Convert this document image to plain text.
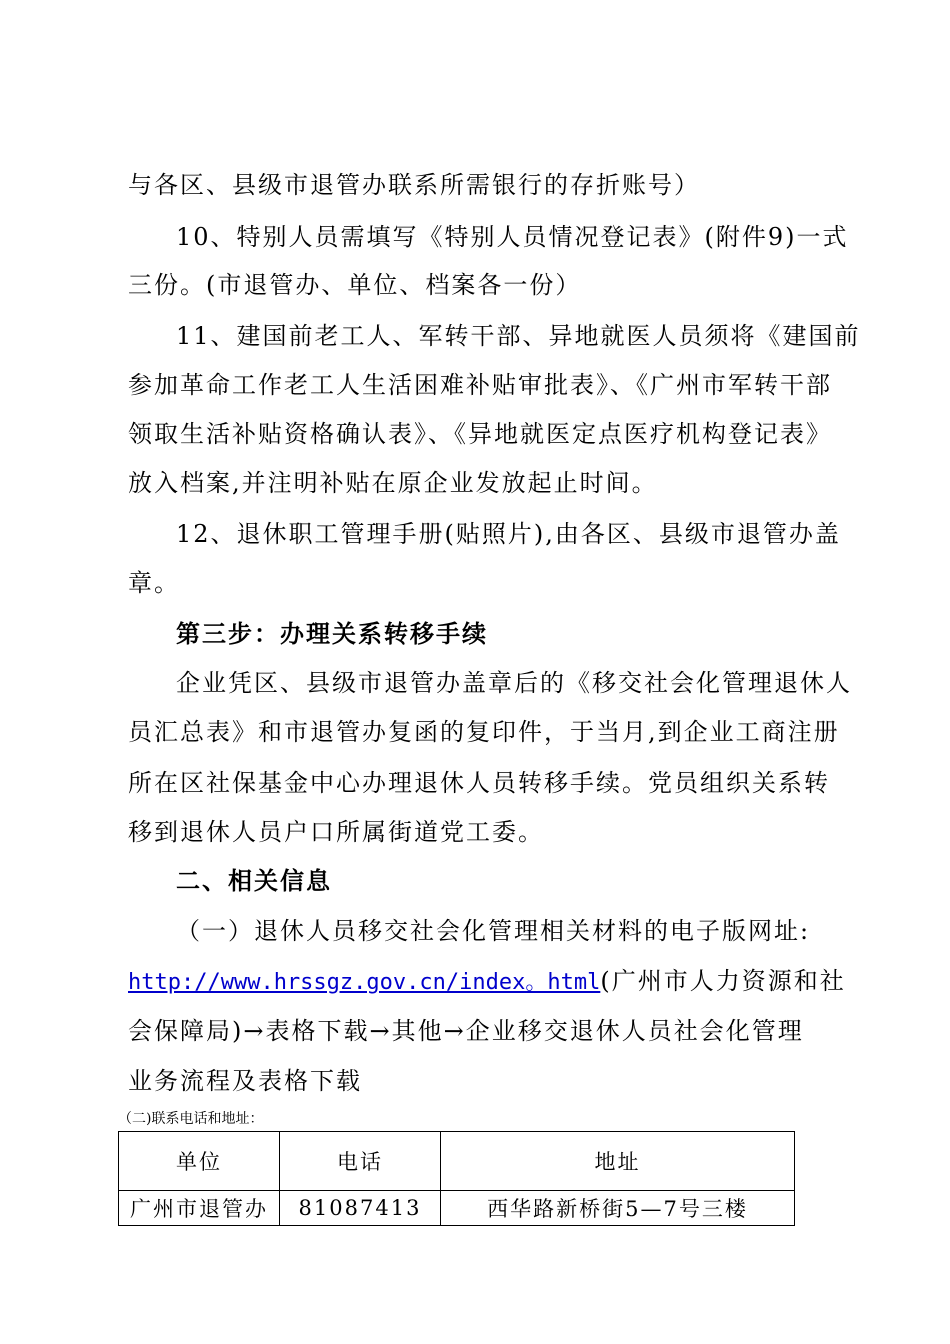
与各区、县级市退管办联系所需银行的存折账号）
10、特别人员需填写《特别人员情况登记表》(附件9)一式
三份。(市退管办、单位、档案各一份）
11、建国前老工人、军转干部、异地就医人员须将《建国前
参加革命工作老工人生活困难补贴审批表》、《广州市军转干部
领取生活补贴资格确认表》、《异地就医定点医疗机构登记表》
放入档案,并注明补贴在原企业发放起止时间。
12、退休职工管理手册(贴照片),由各区、县级市退管办盖
章。
第三步：办理关系转移手续
企业凭区、县级市退管办盖章后的《移交社会化管理退休人
员汇总表》和市退管办复函的复印件，于当月,到企业工商注册
所在区社保基金中心办理退休人员转移手续。党员组织关系转
移到退休人员户口所属街道党工委。
二、相关信息
（一）退休人员移交社会化管理相关材料的电子版网址:
http://www.hrssgz.gov.cn/index。html(广州市人力资源和社
会保障局)→表格下载→其他→企业移交退休人员社会化管理
业务流程及表格下载
（二)联系电话和地址：
单位	电话	地址
广州市退管办	81087413	西华路新桥街5—7号三楼
